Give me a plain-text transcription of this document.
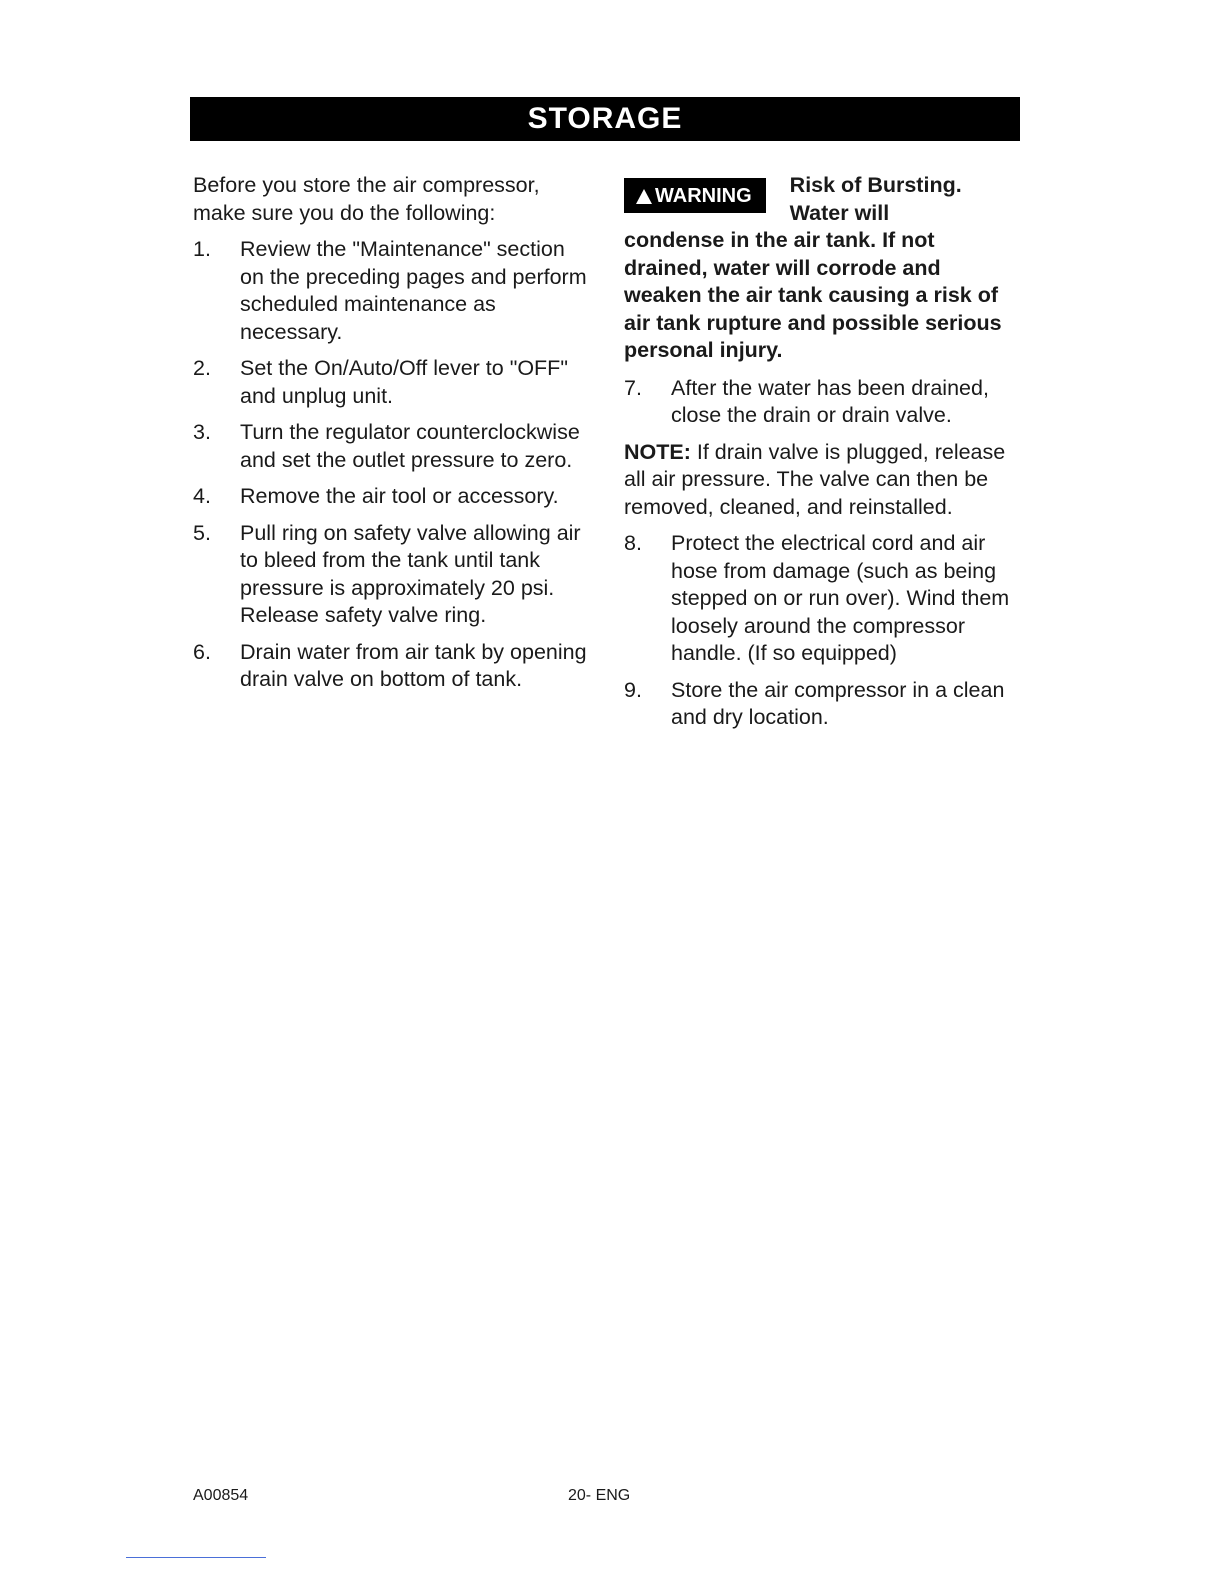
STORAGE

Before you store the air compressor, make sure you do the following:

1.	Review the "Maintenance" section on the preceding pages and perform scheduled maintenance as necessary.
2.	Set the On/Auto/Off lever to "OFF" and unplug unit.
3.	Turn the regulator counterclockwise and set the outlet pressure to zero.
4.	Remove the air tool or accessory.
5.	Pull ring on safety valve allowing air to bleed from the tank until tank pressure is approximately 20 psi. Release safety valve ring.
6.	Drain water from air tank by opening drain valve on bottom of tank.
WARNING Risk of Bursting. Water will
condense in the air tank. If not drained, water will corrode and weaken the air tank causing a risk of air tank rupture and possible serious personal injury.
7.	After the water has been drained, close the drain or drain valve.

NOTE: If drain valve is plugged, release all air pressure. The valve can then be removed, cleaned, and reinstalled.

8.	Protect the electrical cord and air hose from damage (such as being stepped on or run over). Wind them loosely around the compressor handle. (If so equipped)
9.	Store the air compressor in a clean and dry location.
A00854	20- ENG
